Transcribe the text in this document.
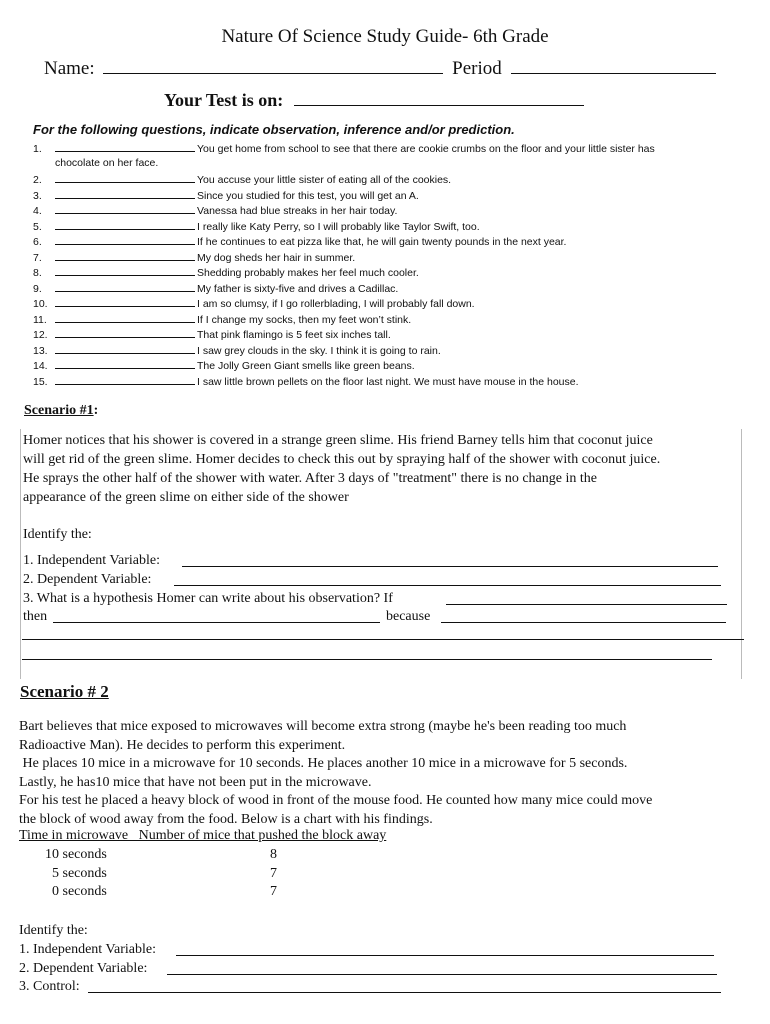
Nature Of Science Study Guide- 6th Grade
Name:	Period
Your Test is on:
For the following questions, indicate observation, inference and/or prediction.
1.	You get home from school to see that there are cookie crumbs on the floor and your little sister has
chocolate on her face.
2.	You accuse your little sister of eating all of the cookies.
3.	Since you studied for this test, you will get an A.
4.	Vanessa had blue streaks in her hair today.
5.	I really like Katy Perry, so I will probably like Taylor Swift, too.
6.	If he continues to eat pizza like that, he will gain twenty pounds in the next year.
7.	My dog sheds her hair in summer.
8.	Shedding probably makes her feel much cooler.
9.	My father is sixty-five and drives a Cadillac.
10.	I am so clumsy, if I go rollerblading, I will probably fall down.
11.	If I change my socks, then my feet won’t stink.
12.	That pink flamingo is 5 feet six inches tall.
13.	I saw grey clouds in the sky. I think it is going to rain.
14.	The Jolly Green Giant smells like green beans.
15.	I saw little brown pellets on the floor last night. We must have mouse in the house.
Scenario #1:
Homer notices that his shower is covered in a strange green slime. His friend Barney tells him that coconut juice
will get rid of the green slime. Homer decides to check this out by spraying half of the shower with coconut juice.
He sprays the other half of the shower with water. After 3 days of "treatment" there is no change in the
appearance of the green slime on either side of the shower
Identify the:
1. Independent Variable:
2. Dependent Variable:
3. What is a hypothesis Homer can write about his observation? If
then	because
Scenario # 2
Bart believes that mice exposed to microwaves will become extra strong (maybe he's been reading too much
Radioactive Man). He decides to perform this experiment.
He places 10 mice in a microwave for 10 seconds. He places another 10 mice in a microwave for 5 seconds.
Lastly, he has10 mice that have not been put in the microwave.
For his test he placed a heavy block of wood in front of the mouse food. He counted how many mice could move
the block of wood away from the food. Below is a chart with his findings.
Time in microwave   Number of mice that pushed the block away
10 seconds	8
5 seconds	7
0 seconds	7
Identify the:
1. Independent Variable:
2. Dependent Variable:
3. Control:
